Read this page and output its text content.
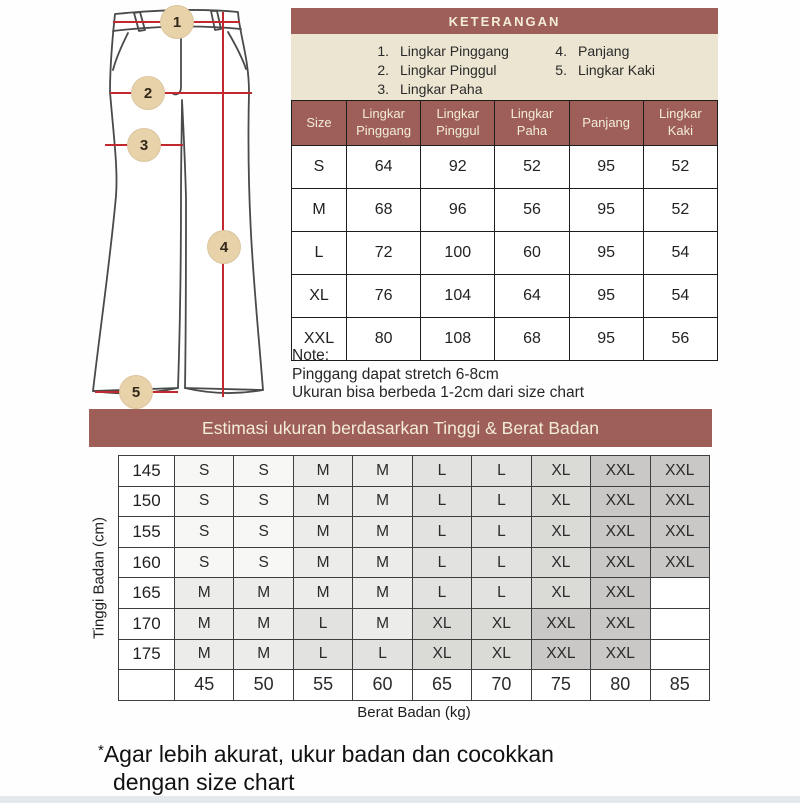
1
2
3
4
5
KETERANGAN
1. Lingkar Pinggang
2. Lingkar Pinggul
3. Lingkar Paha
4. Panjang
5. Lingkar Kaki
Size	Lingkar Pinggang	Lingkar Pinggul	Lingkar Paha	Panjang	Lingkar Kaki
S	64	92	52	95	52
M	68	96	56	95	52
L	72	100	60	95	54
XL	76	104	64	95	54
XXL	80	108	68	95	56
Note:
Pinggang dapat stretch 6-8cm
Ukuran bisa berbeda 1-2cm dari size chart
Estimasi ukuran berdasarkan Tinggi & Berat Badan
145	S	S	M	M	L	L	XL	XXL	XXL
150	S	S	M	M	L	L	XL	XXL	XXL
155	S	S	M	M	L	L	XL	XXL	XXL
160	S	S	M	M	L	L	XL	XXL	XXL
165	M	M	M	M	L	L	XL	XXL	
170	M	M	L	M	XL	XL	XXL	XXL	
175	M	M	L	L	XL	XL	XXL	XXL	
	45	50	55	60	65	70	75	80	85
Tinggi Badan (cm)
Berat Badan (kg)
*Agar lebih akurat, ukur badan dan cocokkan
dengan size chart
